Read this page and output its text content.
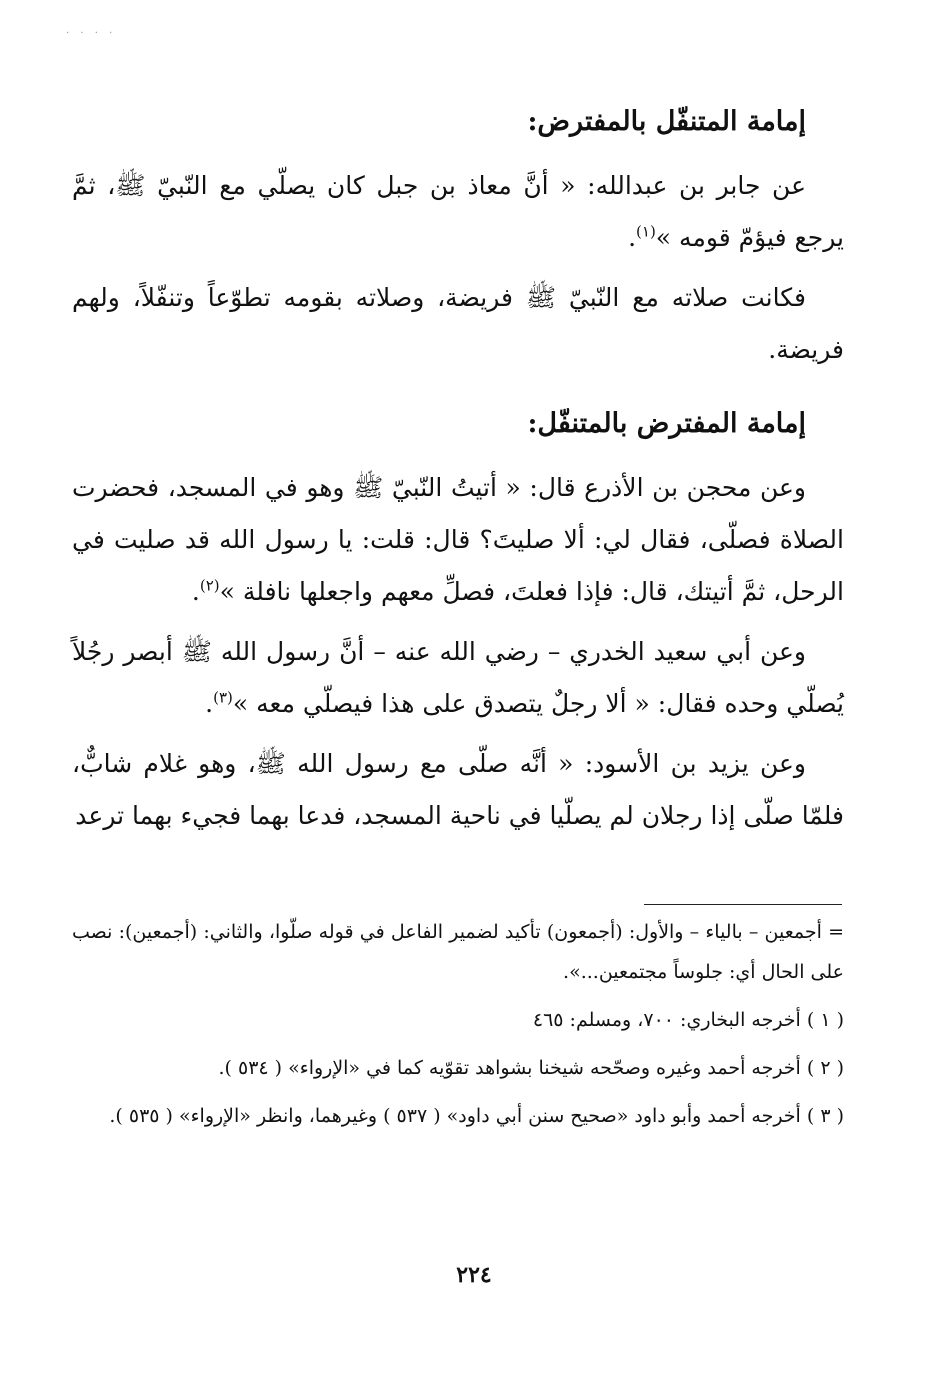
· · · ·
إمامة المتنفّل بالمفترض:

عن جابر بن عبدالله: « أنَّ معاذ بن جبل كان يصلّي مع النّبيّ ﷺ، ثمَّ يرجع فيؤمّ قومه »$^{(١)}$.

فكانت صلاته مع النّبيّ ﷺ فريضة، وصلاته بقومه تطوّعاً وتنفّلاً، ولهم فريضة.

إمامة المفترض بالمتنفّل:

وعن محجن بن الأذرع قال: « أتيتُ النّبيّ ﷺ وهو في المسجد، فحضرت الصلاة فصلّى، فقال لي: ألا صليتَ؟ قال: قلت: يا رسول الله قد صليت في الرحل، ثمَّ أتيتك، قال: فإذا فعلتَ، فصلِّ معهم واجعلها نافلة »$^{(٢)}$.

وعن أبي سعيد الخدري – رضي الله عنه – أنَّ رسول الله ﷺ أبصر رجُلاً يُصلّي وحده فقال: « ألا رجلٌ يتصدق على هذا فيصلّي معه »$^{(٣)}$.

وعن يزيد بن الأسود: « أنَّه صلّى مع رسول الله ﷺ، وهو غلام شابٌّ، فلمّا صلّى إذا رجلان لم يصلّيا في ناحية المسجد، فدعا بهما فجيء بهما ترعد

= أجمعين – بالياء – والأول: (أجمعون) تأكيد لضمير الفاعل في قوله صلّوا، والثاني: (أجمعين): نصب على الحال أي: جلوساً مجتمعين...».

( ١ ) أخرجه البخاري: ٧٠٠، ومسلم: ٤٦٥

( ٢ ) أخرجه أحمد وغيره وصحّحه شيخنا بشواهد تقوّيه كما في «الإرواء» ( ٥٣٤ ).

( ٣ ) أخرجه أحمد وأبو داود «صحيح سنن أبي داود» ( ٥٣٧ ) وغيرهما، وانظر «الإرواء» ( ٥٣٥ ).

٢٢٤
